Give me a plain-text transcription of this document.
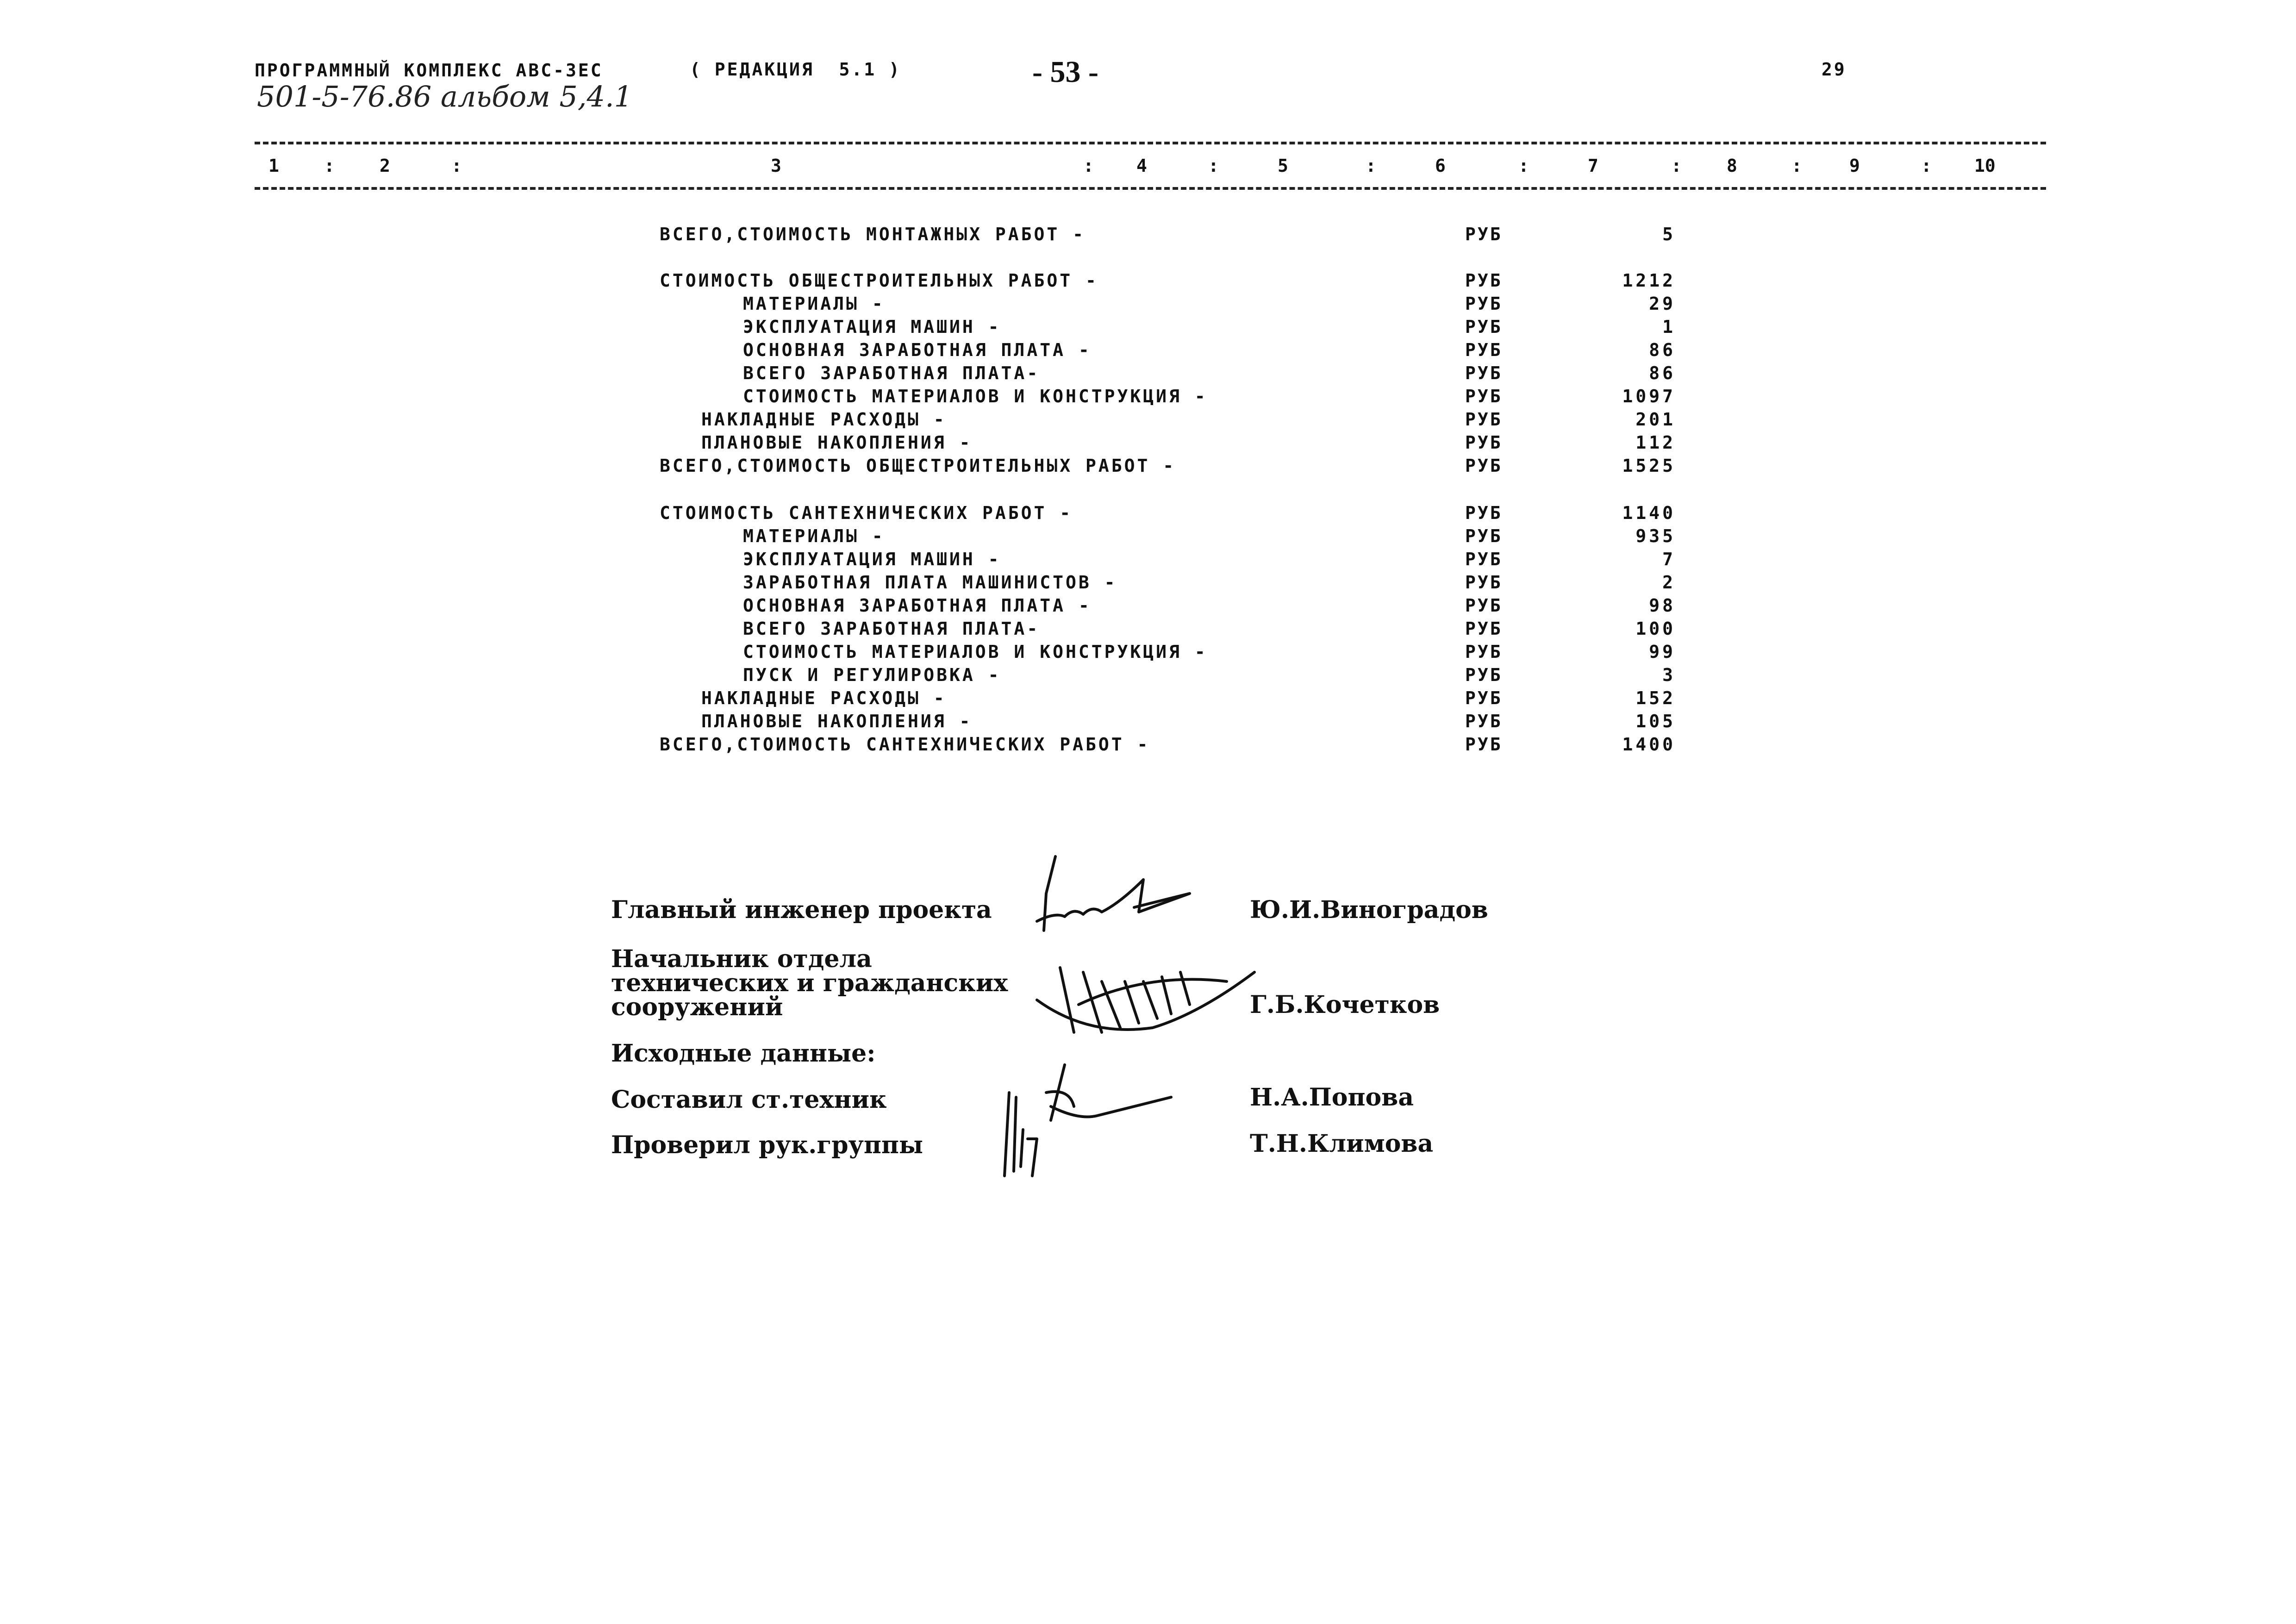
ПРОГРАММНЫЙ КОМПЛЕКС АВС-3ЕС	( РЕДАКЦИЯ  5.1 )	- 53 -	29
501-5-76.86 альбом 5,4.1
1	2	3	4	5	6	7	8	9	10
:	:	:	:	:	:	:	:	:
ВСЕГО,СТОИМОСТЬ МОНТАЖНЫХ РАБОТ -	РУБ	5
СТОИМОСТЬ ОБЩЕСТРОИТЕЛЬНЫХ РАБОТ -	РУБ	1212
МАТЕРИАЛЫ -	РУБ	29
ЭКСПЛУАТАЦИЯ МАШИН -	РУБ	1
ОСНОВНАЯ ЗАРАБОТНАЯ ПЛАТА -	РУБ	86
ВСЕГО ЗАРАБОТНАЯ ПЛАТА-	РУБ	86
СТОИМОСТЬ МАТЕРИАЛОВ И КОНСТРУКЦИЯ -	РУБ	1097
НАКЛАДНЫЕ РАСХОДЫ -	РУБ	201
ПЛАНОВЫЕ НАКОПЛЕНИЯ -	РУБ	112
ВСЕГО,СТОИМОСТЬ ОБЩЕСТРОИТЕЛЬНЫХ РАБОТ -	РУБ	1525
СТОИМОСТЬ САНТЕХНИЧЕСКИХ РАБОТ -	РУБ	1140
МАТЕРИАЛЫ -	РУБ	935
ЭКСПЛУАТАЦИЯ МАШИН -	РУБ	7
ЗАРАБОТНАЯ ПЛАТА МАШИНИСТОВ -	РУБ	2
ОСНОВНАЯ ЗАРАБОТНАЯ ПЛАТА -	РУБ	98
ВСЕГО ЗАРАБОТНАЯ ПЛАТА-	РУБ	100
СТОИМОСТЬ МАТЕРИАЛОВ И КОНСТРУКЦИЯ -	РУБ	99
ПУСК И РЕГУЛИРОВКА -	РУБ	3
НАКЛАДНЫЕ РАСХОДЫ -	РУБ	152
ПЛАНОВЫЕ НАКОПЛЕНИЯ -	РУБ	105
ВСЕГО,СТОИМОСТЬ САНТЕХНИЧЕСКИХ РАБОТ -	РУБ	1400
Главный инженер проекта	Ю.И.Виноградов
Начальник отдела
технических и гражданских
сооружений	Г.Б.Кочетков
Исходные данные:
Составил ст.техник	Н.А.Попова
Проверил рук.группы	Т.Н.Климова
